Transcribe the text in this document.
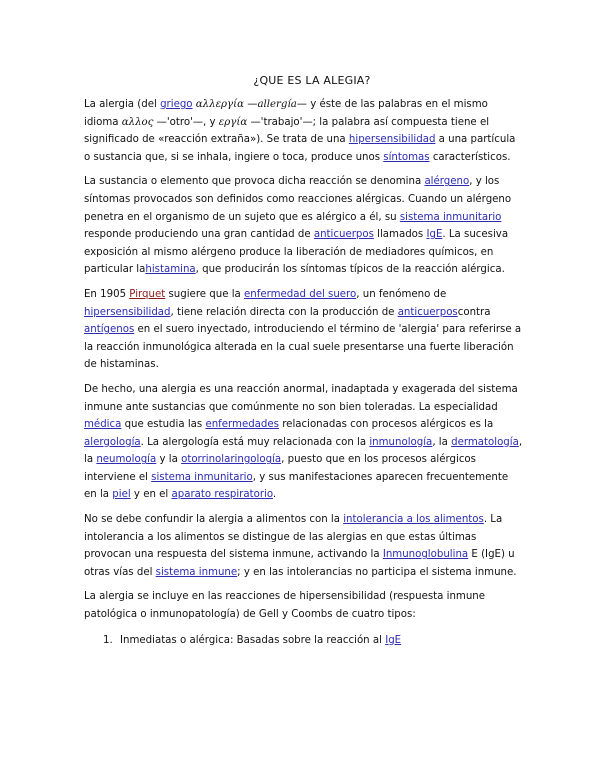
¿QUE ES LA ALEGIA?

La alergia (del griego αλλεργία —allergía— y éste de las palabras en el mismo idioma αλλος —'otro'—, y εργία —'trabajo'—; la palabra así compuesta tiene el significado de «reacción extraña»). Se trata de una hipersensibilidad a una partícula o sustancia que, si se inhala, ingiere o toca, produce unos síntomas característicos.

La sustancia o elemento que provoca dicha reacción se denomina alérgeno, y los síntomas provocados son definidos como reacciones alérgicas. Cuando un alérgeno penetra en el organismo de un sujeto que es alérgico a él, su sistema inmunitario responde produciendo una gran cantidad de anticuerpos llamados IgE. La sucesiva exposición al mismo alérgeno produce la liberación de mediadores químicos, en particular lahistamina, que producirán los síntomas típicos de la reacción alérgica.

En 1905 Pirquet sugiere que la enfermedad del suero, un fenómeno de hipersensibilidad, tiene relación directa con la producción de anticuerposcontra antígenos en el suero inyectado, introduciendo el término de 'alergia' para referirse a la reacción inmunológica alterada en la cual suele presentarse una fuerte liberación de histaminas.

De hecho, una alergia es una reacción anormal, inadaptada y exagerada del sistema inmune ante sustancias que comúnmente no son bien toleradas. La especialidad médica que estudia las enfermedades relacionadas con procesos alérgicos es la alergología. La alergología está muy relacionada con la inmunología, la dermatología, la neumología y la otorrinolaringología, puesto que en los procesos alérgicos interviene el sistema inmunitario, y sus manifestaciones aparecen frecuentemente en la piel y en el aparato respiratorio.

No se debe confundir la alergia a alimentos con la intolerancia a los alimentos. La intolerancia a los alimentos se distingue de las alergias en que estas últimas provocan una respuesta del sistema inmune, activando la Inmunoglobulina E (IgE) u otras vías del sistema inmune; y en las intolerancias no participa el sistema inmune.

La alergia se incluye en las reacciones de hipersensibilidad (respuesta inmune patológica o inmunopatología) de Gell y Coombs de cuatro tipos:

1. Inmediatas o alérgica: Basadas sobre la reacción al IgE
